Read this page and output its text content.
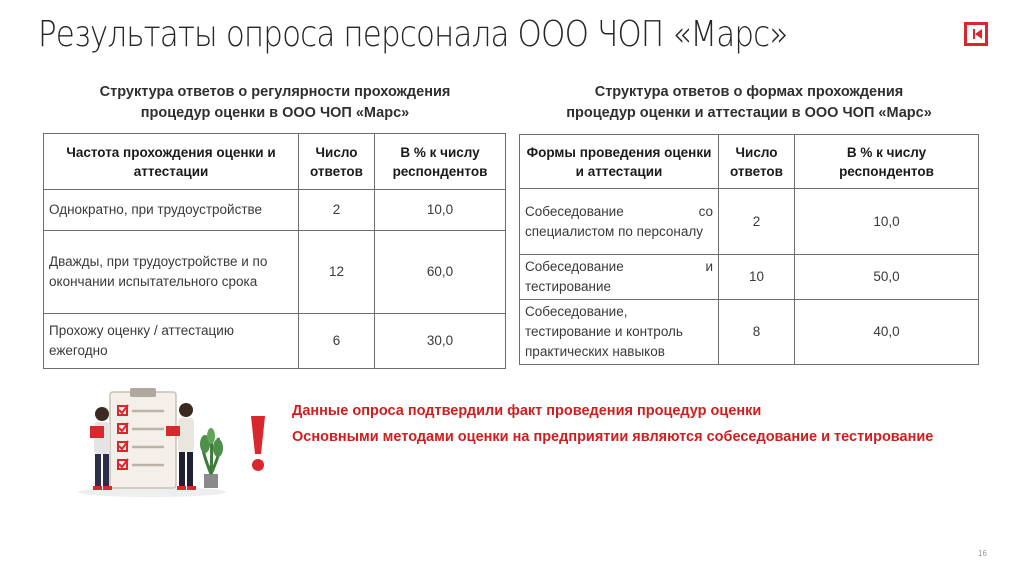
Результаты опроса персонала ООО ЧОП «Марс»
Структура ответов о регулярности прохождения
процедур оценки в ООО ЧОП «Марс»
Частота прохождения оценки и аттестации	Число ответов	В % к числу респондентов
Однократно, при трудоустройстве	2	10,0
Дважды, при трудоустройстве и по окончании испытательного срока	12	60,0
Прохожу оценку / аттестацию ежегодно	6	30,0
Структура ответов о формах прохождения
процедур оценки и аттестации в ООО ЧОП «Марс»
Формы проведения оценки и аттестации	Число ответов	В % к числу респондентов
Собеседование со специалистом по персоналу	2	10,0
Собеседование и тестирование	10	50,0
Собеседование, тестирование и контроль практических навыков	8	40,0

Данные опроса подтвердили факт проведения процедур оценки

Основными методами оценки на предприятии являются собеседование и тестирование

16
